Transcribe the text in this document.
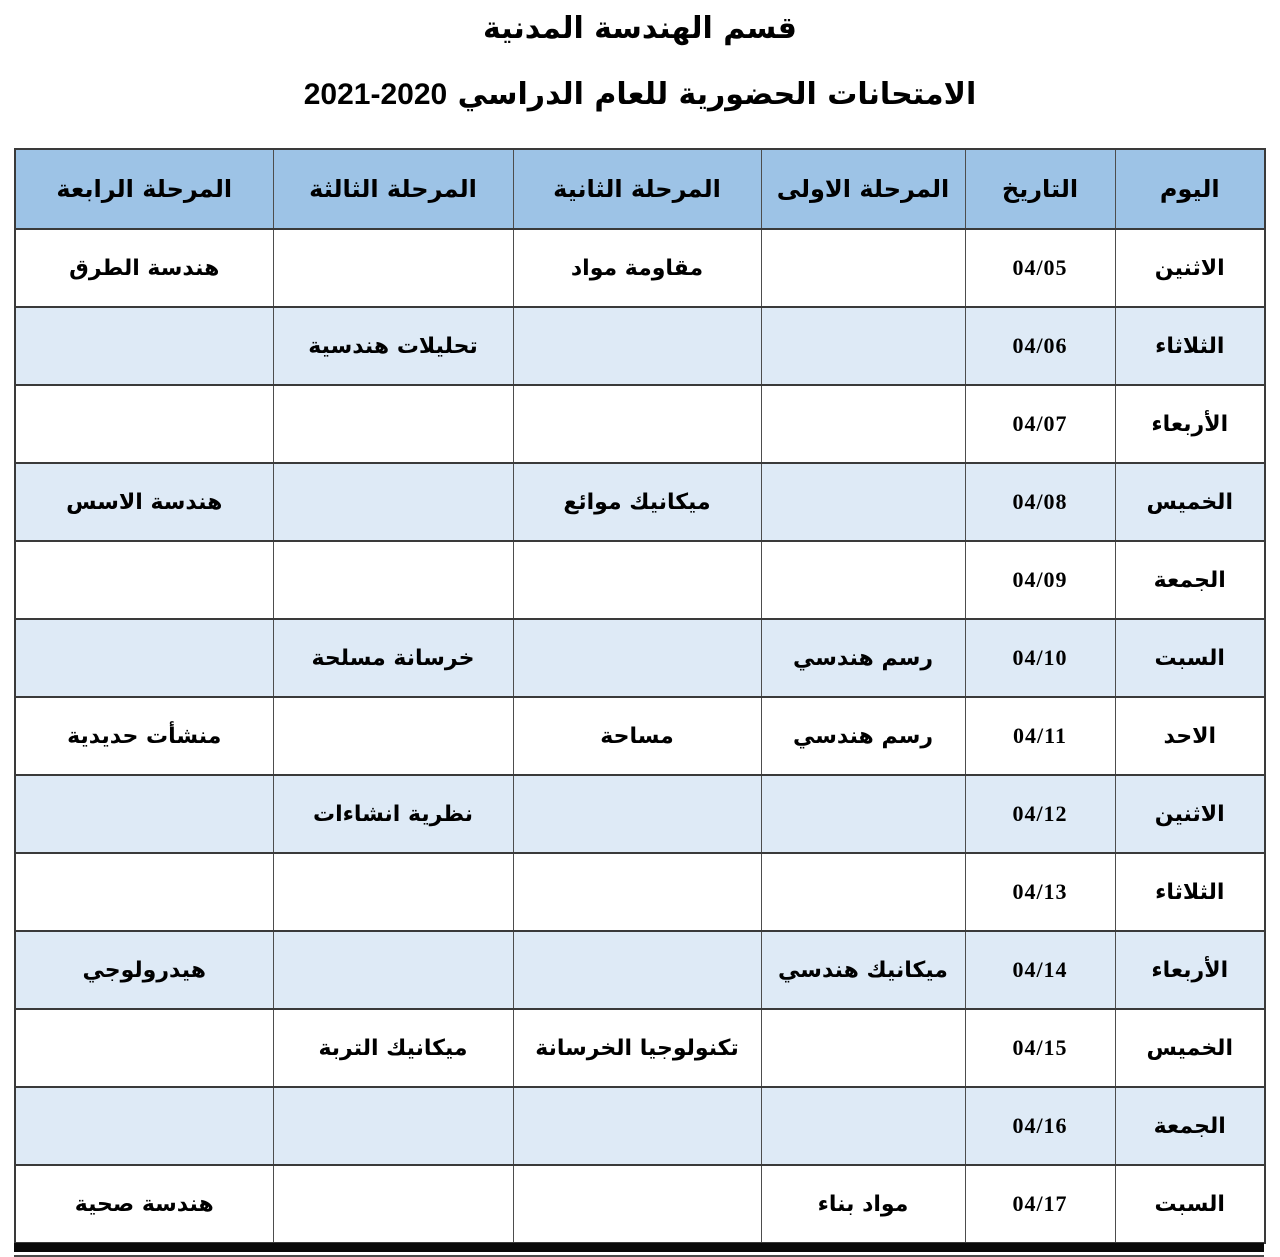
قسم الهندسة المدنية
الامتحانات الحضورية للعام الدراسي 2021-2020
اليوم	التاريخ	المرحلة الاولى	المرحلة الثانية	المرحلة الثالثة	المرحلة الرابعة
الاثنين	04/05		مقاومة مواد		هندسة الطرق
الثلاثاء	04/06			تحليلات هندسية	
الأربعاء	04/07				
الخميس	04/08		ميكانيك موائع		هندسة الاسس
الجمعة	04/09				
السبت	04/10	رسم هندسي		خرسانة مسلحة	
الاحد	04/11	رسم هندسي	مساحة		منشأت حديدية
الاثنين	04/12			نظرية انشاءات	
الثلاثاء	04/13				
الأربعاء	04/14	ميكانيك هندسي			هيدرولوجي
الخميس	04/15		تكنولوجيا الخرسانة	ميكانيك التربة	
الجمعة	04/16				
السبت	04/17	مواد بناء			هندسة صحية
